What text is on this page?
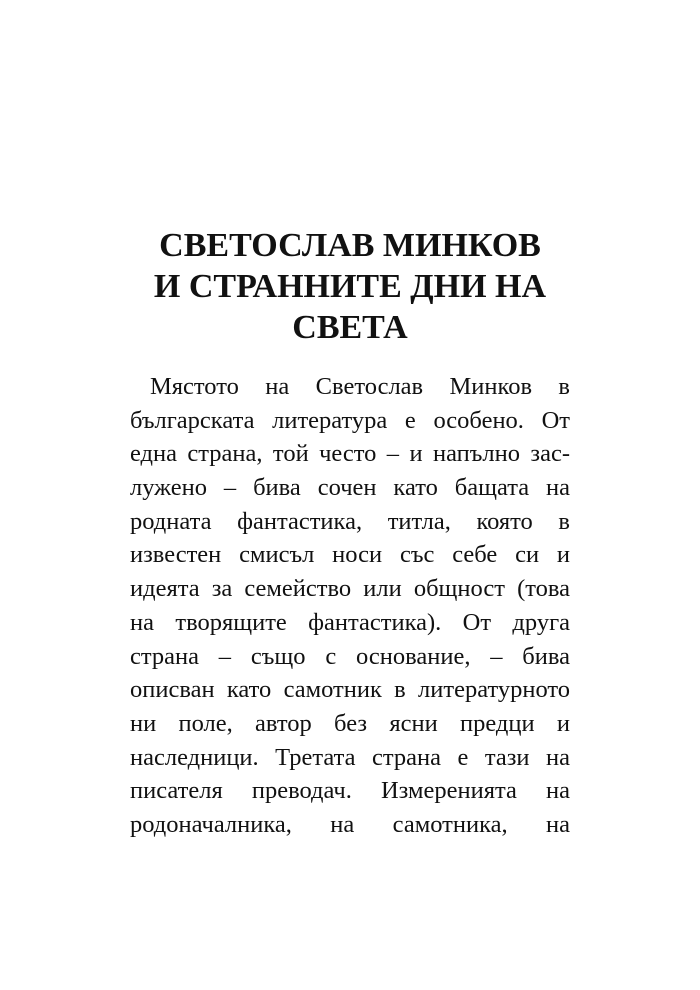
СВЕТОСЛАВ МИНКОВ
И СТРАННИТЕ ДНИ НА
СВЕТА
Мястото на Светослав Минков в
българската литература е особено. От
една страна, той често – и напълно зас-
лужено – бива сочен като бащата на
родната фантастика, титла, която в
известен смисъл носи със себе си и
идеята за семейство или общност (това
на творящите фантастика). От друга
страна – също с основание, – бива
описван като самотник в литературното
ни поле, автор без ясни предци и
наследници. Третата страна е тази на
писателя преводач. Измеренията на
родоначалника, на самотника, на
